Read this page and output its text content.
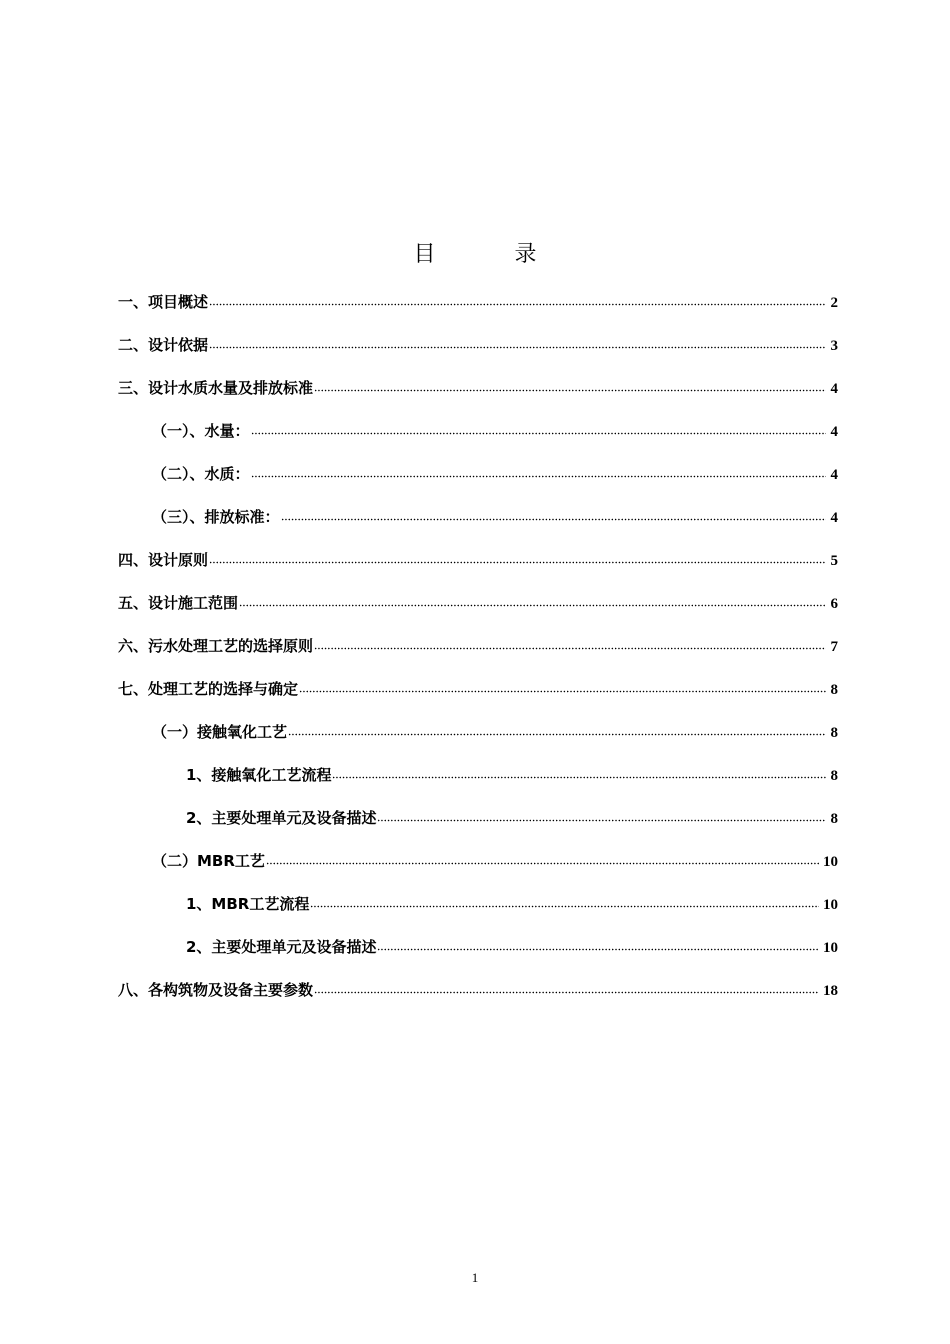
目 录
一、项目概述	2
二、设计依据	3
三、设计水质水量及排放标准	4
（一）、水量：	4
（二）、水质：	4
（三）、排放标准：	4
四、设计原则	5
五、设计施工范围	6
六、污水处理工艺的选择原则	7
七、处理工艺的选择与确定	8
（一）接触氧化工艺	8
1、接触氧化工艺流程	8
2、主要处理单元及设备描述	8
（二）MBR工艺	10
1、MBR工艺流程	10
2、主要处理单元及设备描述	10
八、各构筑物及设备主要参数	18
1
